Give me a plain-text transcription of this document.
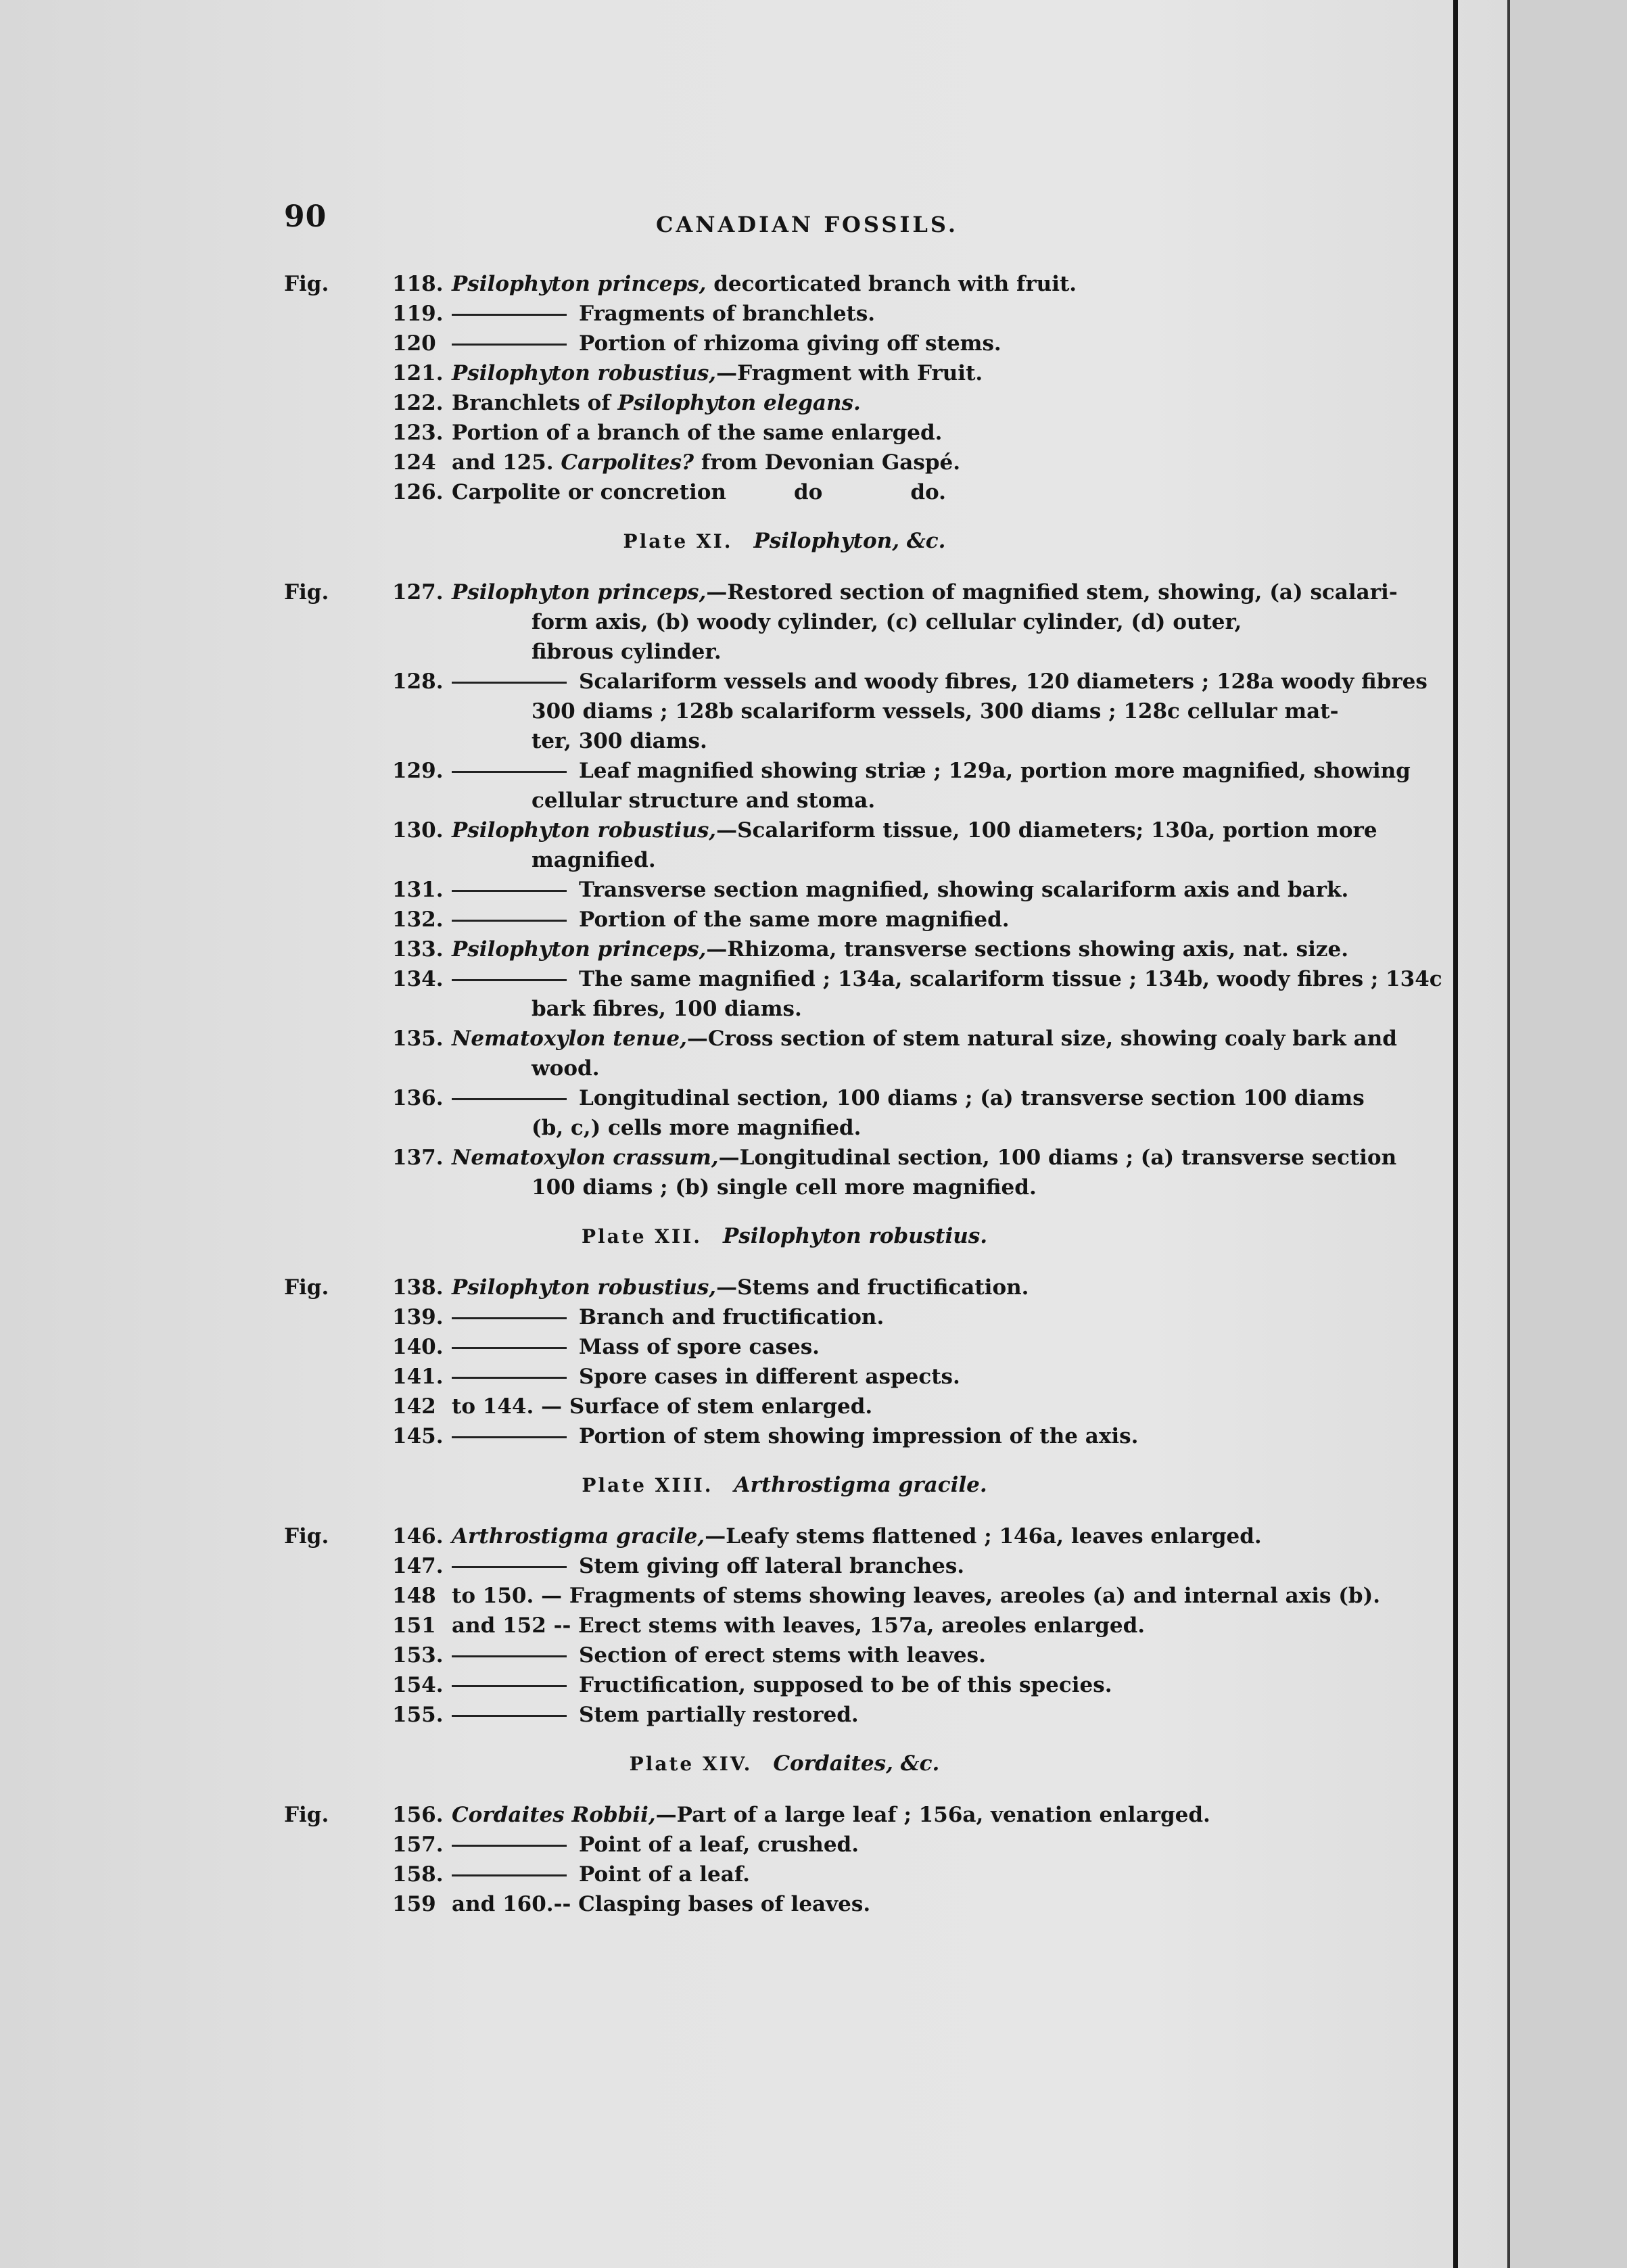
90	CANADIAN FOSSILS.
Fig.	118. Psilophyton princeps, decorticated branch with fruit.
119.	Fragments of branchlets.
120	Portion of rhizoma giving off stems.
121. Psilophyton robustius,—Fragment with Fruit.
122. Branchlets of Psilophyton elegans.
123. Portion of a branch of the same enlarged.
124 and 125. Carpolites? from Devonian Gaspé.
126. Carpolite or concretion	do	do.
Plate XI.  Psilophyton, &c.
Fig.	127. Psilophyton princeps,—Restored section of magnified stem, showing, (a) scalari-
form axis, (b) woody cylinder, (c) cellular cylinder, (d) outer,
fibrous cylinder.
128.	Scalariform vessels and woody fibres, 120 diameters ; 128a woody fibres
300 diams ; 128b scalariform vessels, 300 diams ; 128c cellular mat-
ter, 300 diams.
129.	Leaf magnified showing striæ ; 129a, portion more magnified, showing
cellular structure and stoma.
130. Psilophyton robustius,—Scalariform tissue, 100 diameters; 130a, portion more
magnified.
131.	Transverse section magnified, showing scalariform axis and bark.
132.	Portion of the same more magnified.
133. Psilophyton princeps,—Rhizoma, transverse sections showing axis, nat. size.
134.	The same magnified ; 134a, scalariform tissue ; 134b, woody fibres ; 134c
bark fibres, 100 diams.
135. Nematoxylon tenue,—Cross section of stem natural size, showing coaly bark and
wood.
136.	Longitudinal section, 100 diams ; (a) transverse section 100 diams
(b, c,) cells more magnified.
137. Nematoxylon crassum,—Longitudinal section, 100 diams ; (a) transverse section
100 diams ; (b) single cell more magnified.
Plate XII.  Psilophyton robustius.
Fig.	138. Psilophyton robustius,—Stems and fructification.
139.	Branch and fructification.
140.	Mass of spore cases.
141.	Spore cases in different aspects.
142 to 144. — Surface of stem enlarged.
145.	Portion of stem showing impression of the axis.
Plate XIII.  Arthrostigma gracile.
Fig.	146. Arthrostigma gracile,—Leafy stems flattened ; 146a, leaves enlarged.
147.	Stem giving off lateral branches.
148 to 150. — Fragments of stems showing leaves, areoles (a) and internal axis (b).
151 and 152 -- Erect stems with leaves, 157a, areoles enlarged.
153.	Section of erect stems with leaves.
154.	Fructification, supposed to be of this species.
155.	Stem partially restored.
Plate XIV.  Cordaites, &c.
Fig.	156. Cordaites Robbii,—Part of a large leaf ; 156a, venation enlarged.
157.	Point of a leaf, crushed.
158.	Point of a leaf.
159 and 160.-- Clasping bases of leaves.
